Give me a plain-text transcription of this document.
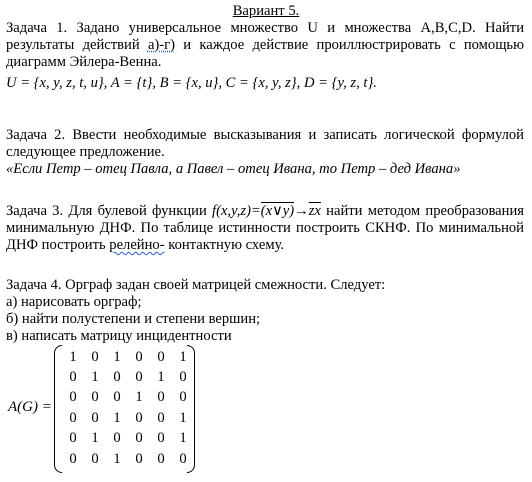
Вариант 5.
Задача 1. Задано универсальное множество U и множества A,B,C,D. Найти результаты действий а)-г) и каждое действие проиллюстрировать с помощью диаграмм Эйлера-Венна.
U = {x, y, z, t, u}, A = {t}, B = {x, u}, C = {x, y, z}, D = {y, z, t}.
Задача 2. Ввести необходимые высказывания и записать логической формулой следующее предложение.
«Если Петр – отец Павла, а Павел – отец Ивана, то Петр – дед Ивана»
Задача 3. Для булевой функции $f(x,y,z)=(x\vee y)\to\overline{zx}$ найти методом преобразования минимальную ДНФ. По таблице истинности построить СКНФ. По минимальной ДНФ построить релейно- контактную схему.
Задача 4. Орграф задан своей матрицей смежности. Следует:
а) нарисовать орграф;
б) найти полустепени и степени вершин;
в) написать матрицу инцидентности
A(G) =
1	0	1	0	0	1
0	1	0	0	1	0
0	0	0	1	0	0
0	0	1	0	0	1
0	1	0	0	0	1
0	0	1	0	0	0
